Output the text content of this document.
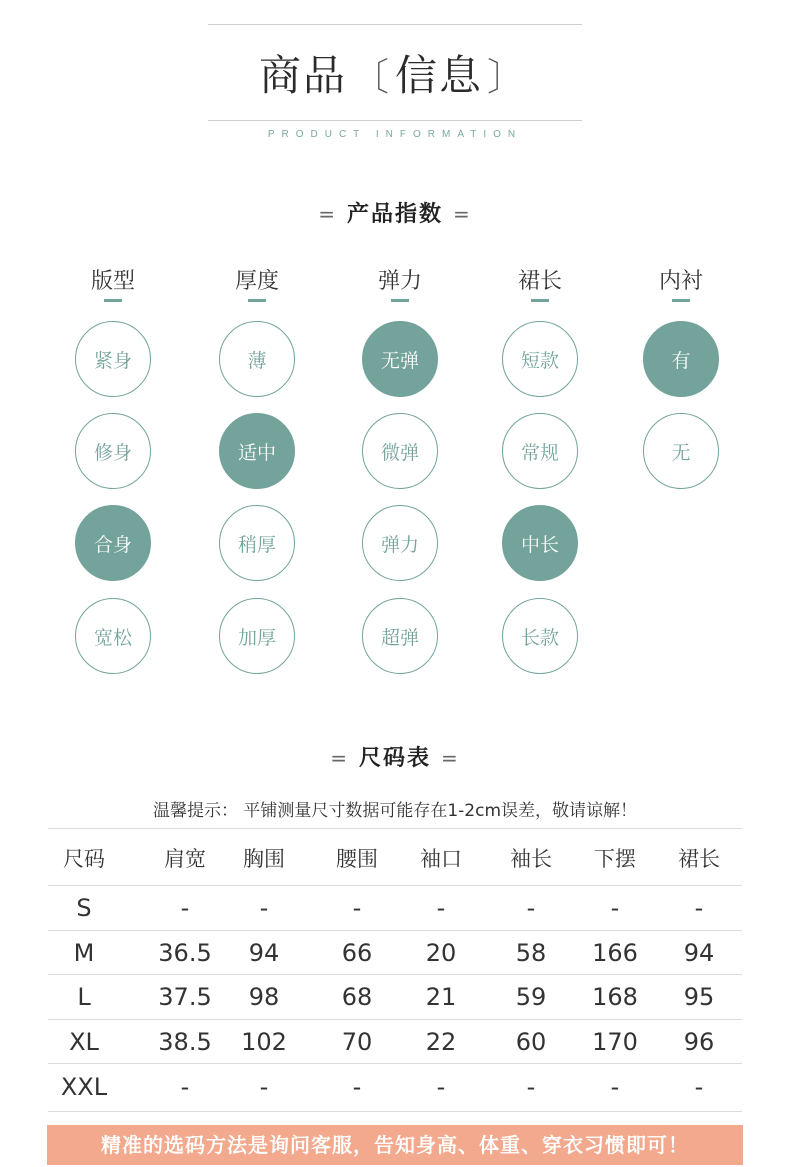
商品 〔信息 〕
PRODUCT INFORMATION
= 产品指数 =
版型
紧身
修身
合身
宽松
厚度
薄
适中
稍厚
加厚
弹力
无弹
微弹
弹力
超弹
裙长
短款
常规
中长
长款
内衬
有
无
= 尺码表 =
温馨提示： 平铺测量尺寸数据可能存在1-2cm误差，敬请谅解！
尺码	肩宽	胸围	腰围	袖口	袖长	下摆	裙长
S	-	-	-	-	-	-	-
M	36.5	94	66	20	58	166	94
L	37.5	98	68	21	59	168	95
XL	38.5	102	70	22	60	170	96
XXL	-	-	-	-	-	-	-
精准的选码方法是询问客服，告知身高、体重、穿衣习惯即可！
